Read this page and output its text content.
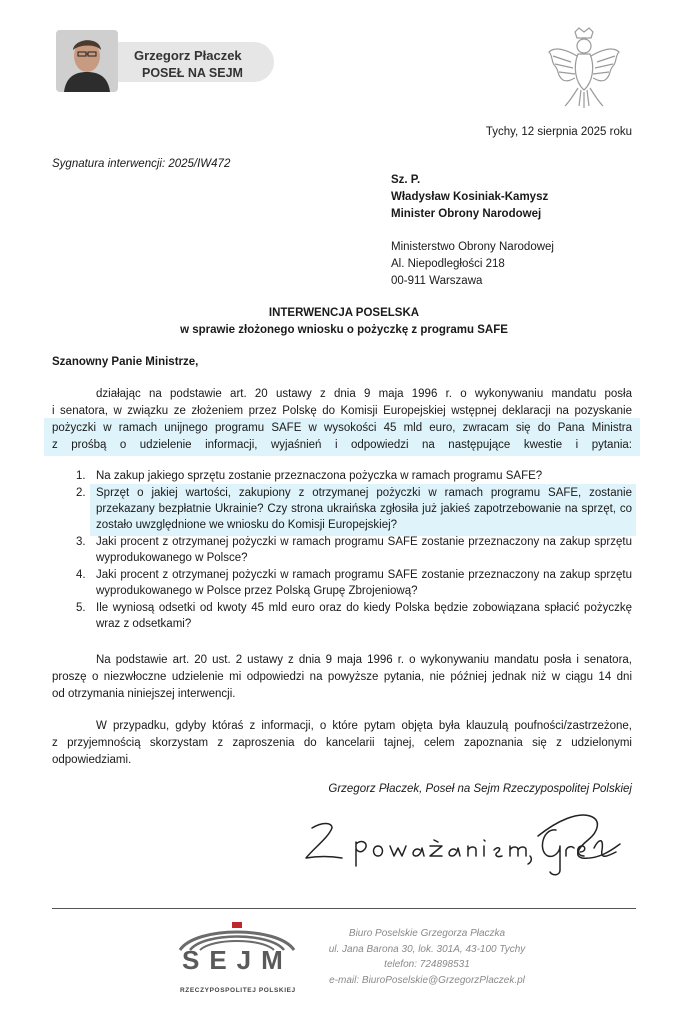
Grzegorz Płaczek
POSEŁ NA SEJM
Tychy, 12 sierpnia 2025 roku
Sygnatura interwencji: 2025/IW472
Sz. P.
Władysław Kosiniak-Kamysz
Minister Obrony Narodowej
Ministerstwo Obrony Narodowej
Al. Niepodległości 218
00-911 Warszawa
INTERWENCJA POSELSKA
w sprawie złożonego wniosku o pożyczkę z programu SAFE
Szanowny Panie Ministrze,
działając na podstawie art. 20 ustawy z dnia 9 maja 1996 r. o wykonywaniu mandatu posła
i senatora, w związku ze złożeniem przez Polskę do Komisji Europejskiej wstępnej deklaracji na pozyskanie
pożyczki w ramach unijnego programu SAFE w wysokości 45 mld euro, zwracam się do Pana Ministra
z prośbą o udzielenie informacji, wyjaśnień i odpowiedzi na następujące kwestie i pytania:
1. Na zakup jakiego sprzętu zostanie przeznaczona pożyczka w ramach programu SAFE?
2. Sprzęt o jakiej wartości, zakupiony z otrzymanej pożyczki w ramach programu SAFE, zostanie przekazany bezpłatnie Ukrainie? Czy strona ukraińska zgłosiła już jakieś zapotrzebowanie na sprzęt, co zostało uwzględnione we wniosku do Komisji Europejskiej?
3. Jaki procent z otrzymanej pożyczki w ramach programu SAFE zostanie przeznaczony na zakup sprzętu wyprodukowanego w Polsce?
4. Jaki procent z otrzymanej pożyczki w ramach programu SAFE zostanie przeznaczony na zakup sprzętu wyprodukowanego w Polsce przez Polską Grupę Zbrojeniową?
5. Ile wyniosą odsetki od kwoty 45 mld euro oraz do kiedy Polska będzie zobowiązana spłacić pożyczkę wraz z odsetkami?
Na podstawie art. 20 ust. 2 ustawy z dnia 9 maja 1996 r. o wykonywaniu mandatu posła i senatora,
proszę o niezwłoczne udzielenie mi odpowiedzi na powyższe pytania, nie później jednak niż w ciągu 14 dni
od otrzymania niniejszej interwencji.
W przypadku, gdyby któraś z informacji, o które pytam objęta była klauzulą poufności/zastrzeżone,
z przyjemnością skorzystam z zaproszenia do kancelarii tajnej, celem zapoznania się z udzielonymi
odpowiedziami.
Grzegorz Płaczek, Poseł na Sejm Rzeczypospolitej Polskiej
SEJM
RZECZYPOSPOLITEJ POLSKIEJ
Biuro Poselskie Grzegorza Płaczka
ul. Jana Barona 30, lok. 301A, 43-100 Tychy
telefon: 724898531
e-mail: BiuroPoselskie@GrzegorzPlaczek.pl
